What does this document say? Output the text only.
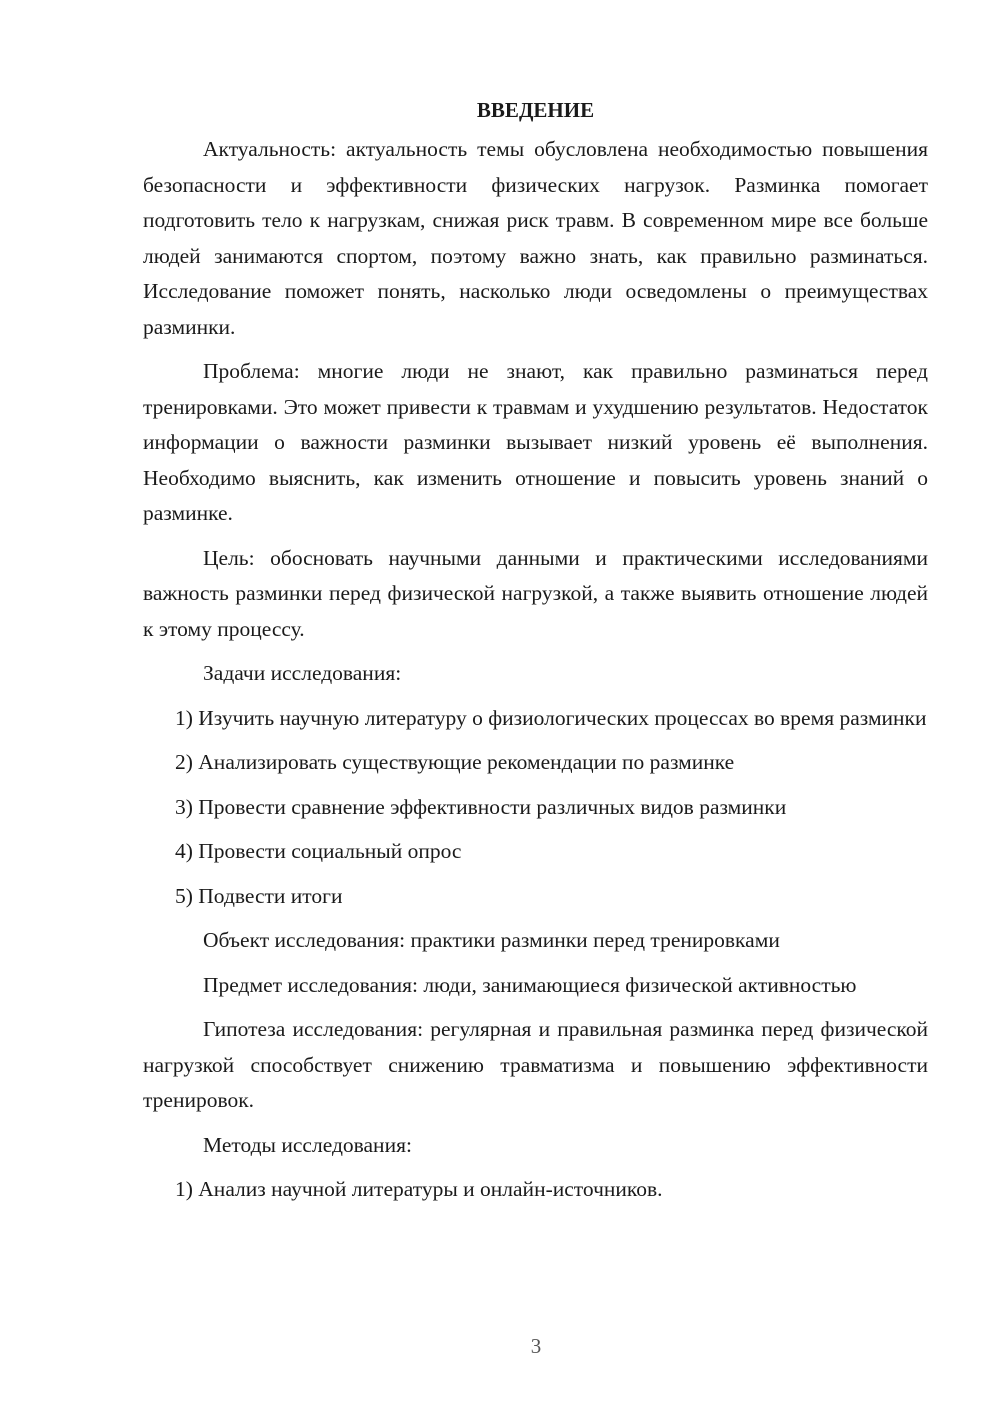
ВВЕДЕНИЕ

Актуальность: актуальность темы обусловлена необходимостью повышения безопасности и эффективности физических нагрузок. Разминка помогает подготовить тело к нагрузкам, снижая риск травм. В современном мире все больше людей занимаются спортом, поэтому важно знать, как правильно разминаться. Исследование поможет понять, насколько люди осведомлены о преимуществах разминки.

Проблема: многие люди не знают, как правильно разминаться перед тренировками. Это может привести к травмам и ухудшению результатов. Недостаток информации о важности разминки вызывает низкий уровень её выполнения. Необходимо выяснить, как изменить отношение и повысить уровень знаний о разминке.

Цель: обосновать научными данными и практическими исследованиями важность разминки перед физической нагрузкой, а также выявить отношение людей к этому процессу.

Задачи исследования:

1) Изучить научную литературу о физиологических процессах во время разминки

2) Анализировать существующие рекомендации по разминке

3) Провести сравнение эффективности различных видов разминки

4) Провести социальный опрос

5) Подвести итоги

Объект исследования: практики разминки перед тренировками

Предмет исследования: люди, занимающиеся физической активностью

Гипотеза исследования: регулярная и правильная разминка перед физической нагрузкой способствует снижению травматизма и повышению эффективности тренировок.

Методы исследования:

1) Анализ научной литературы и онлайн-источников.

3
